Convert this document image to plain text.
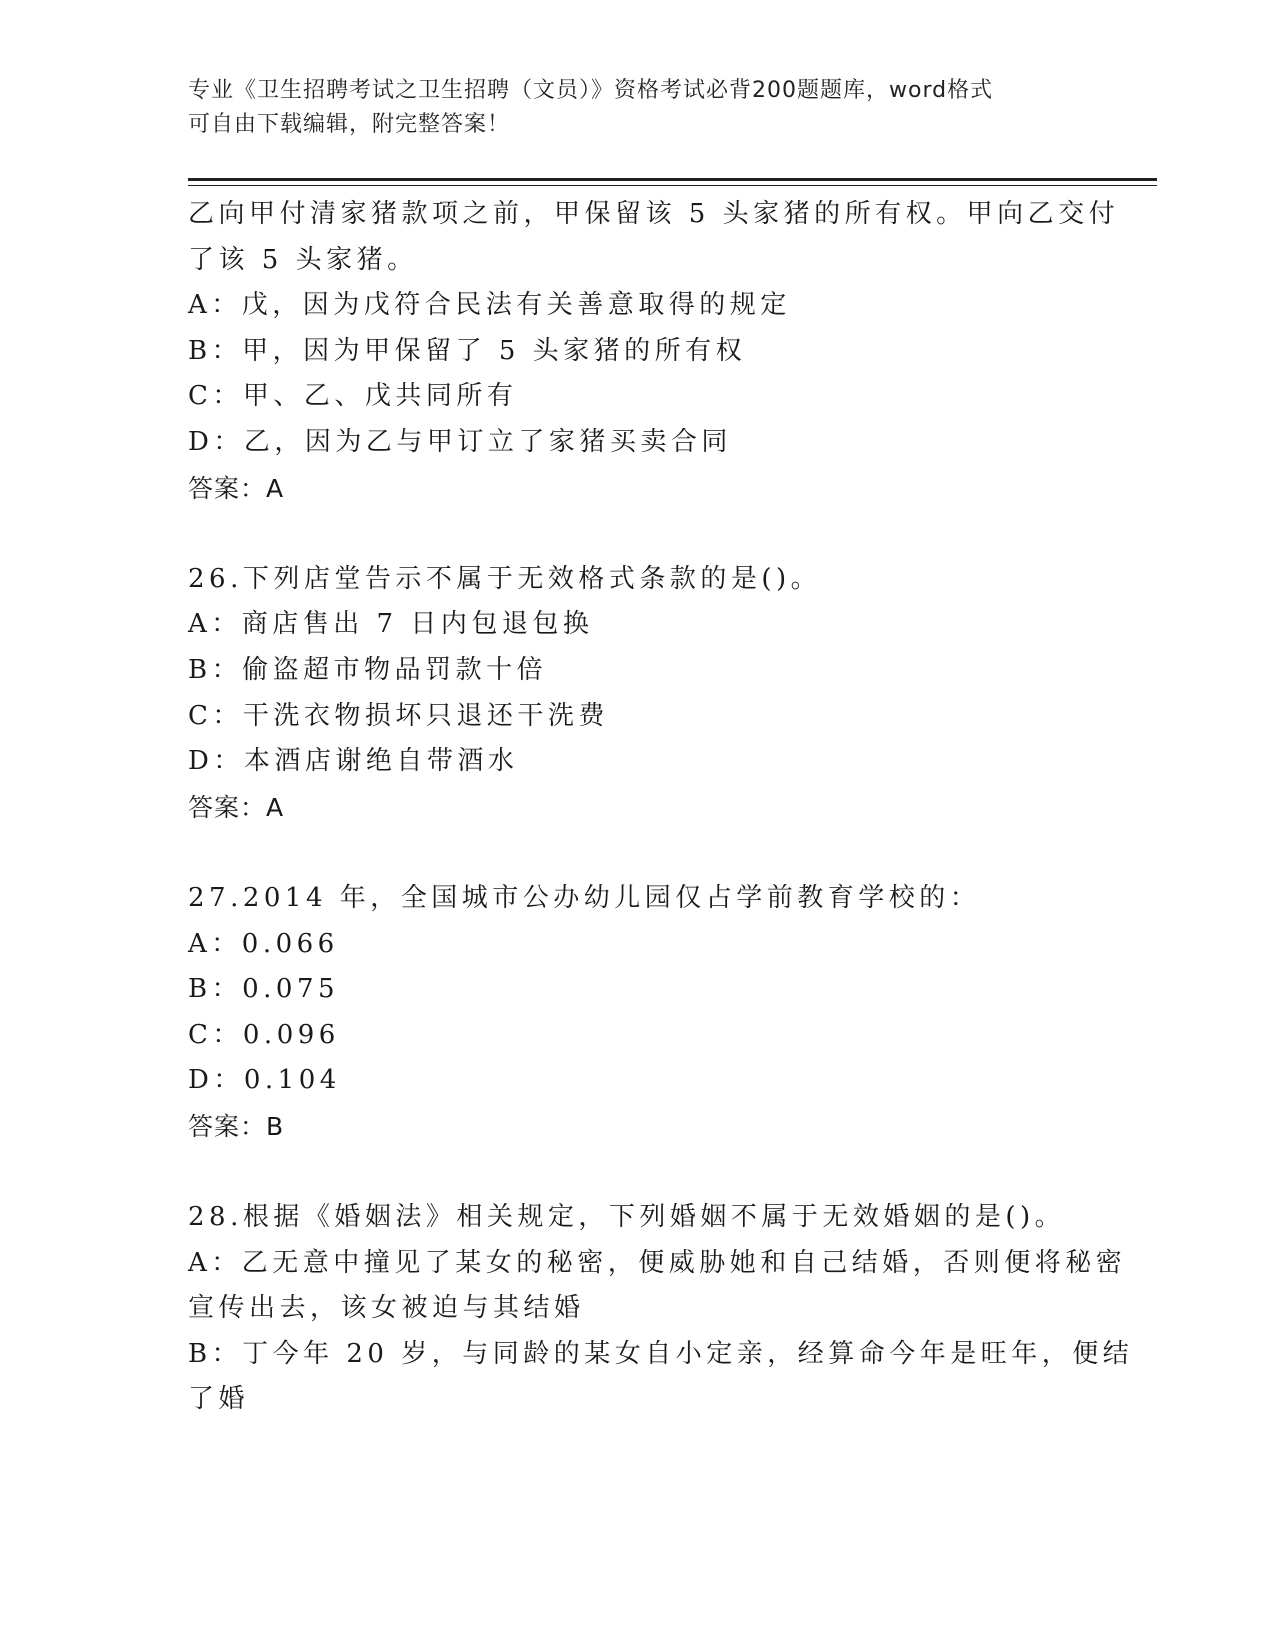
专业《卫生招聘考试之卫生招聘（文员）》资格考试必背200题题库，word格式
可自由下载编辑，附完整答案！
乙向甲付清家猪款项之前，甲保留该 5 头家猪的所有权。甲向乙交付
了该 5 头家猪。
A：戊，因为戊符合民法有关善意取得的规定
B：甲，因为甲保留了 5 头家猪的所有权
C：甲、乙、戊共同所有
D：乙，因为乙与甲订立了家猪买卖合同
答案：A
26.下列店堂告示不属于无效格式条款的是()。
A：商店售出 7 日内包退包换
B：偷盗超市物品罚款十倍
C：干洗衣物损坏只退还干洗费
D：本酒店谢绝自带酒水
答案：A
27.2014 年，全国城市公办幼儿园仅占学前教育学校的：
A：0.066
B：0.075
C：0.096
D：0.104
答案：B
28.根据《婚姻法》相关规定，下列婚姻不属于无效婚姻的是()。
A：乙无意中撞见了某女的秘密，便威胁她和自己结婚，否则便将秘密
宣传出去，该女被迫与其结婚
B：丁今年 20 岁，与同龄的某女自小定亲，经算命今年是旺年，便结
了婚
